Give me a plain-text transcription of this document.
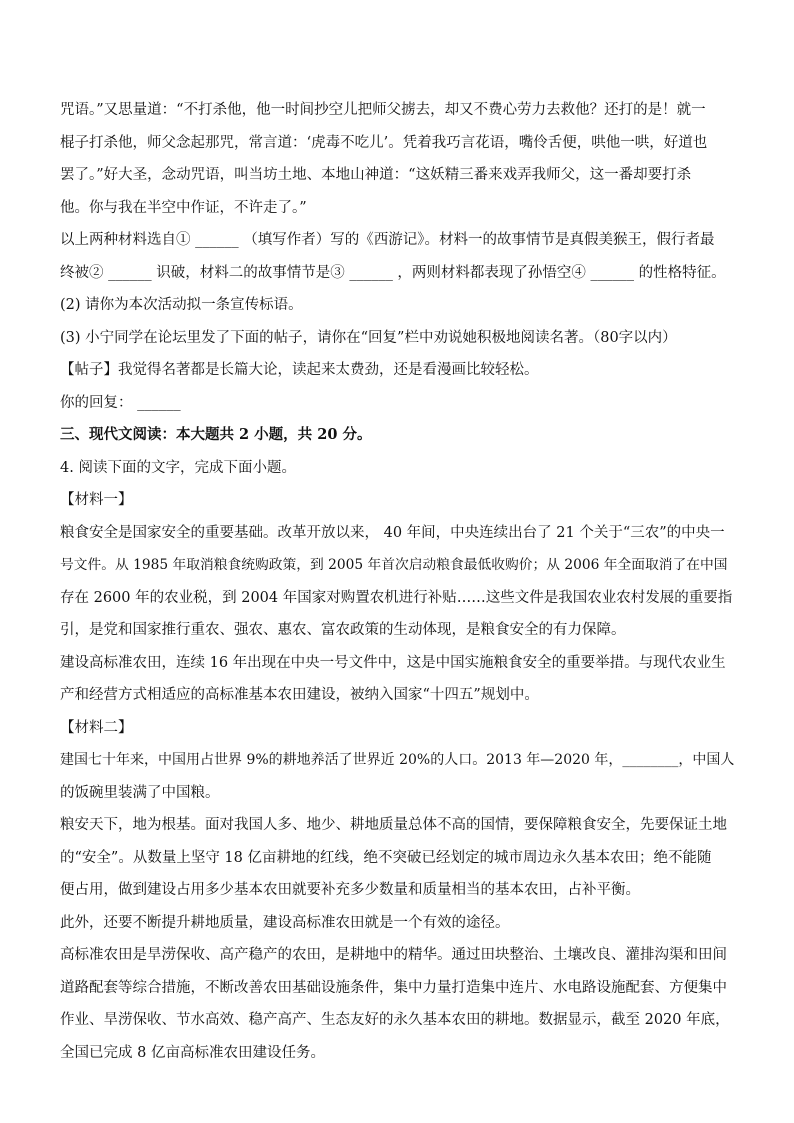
咒语。”又思量道：“不打杀他，他一时间抄空儿把师父掳去，却又不费心劳力去救他？还打的是！就一
棍子打杀他，师父念起那咒，常言道：‘虎毒不吃儿’。凭着我巧言花语，嘴伶舌便，哄他一哄，好道也
罢了。”好大圣，念动咒语，叫当坊土地、本地山神道：“这妖精三番来戏弄我师父，这一番却要打杀
他。你与我在半空中作证，不许走了。”
以上两种材料选自① ______ （填写作者）写的《西游记》。材料一的故事情节是真假美猴王，假行者最
终被② ______ 识破，材料二的故事情节是③ ______ ，两则材料都表现了孙悟空④ ______ 的性格特征。
(2) 请你为本次活动拟一条宣传标语。
(3) 小宁同学在论坛里发了下面的帖子，请你在“回复”栏中劝说她积极地阅读名著。（80字以内）
【帖子】我觉得名著都是长篇大论，读起来太费劲，还是看漫画比较轻松。
你的回复： ______
三、现代文阅读：本大题共 2 小题，共 20 分。
4. 阅读下面的文字，完成下面小题。
【材料一】
粮食安全是国家安全的重要基础。改革开放以来， 40 年间，中央连续出台了 21 个关于“三农”的中央一
号文件。从 1985 年取消粮食统购政策，到 2005 年首次启动粮食最低收购价；从 2006 年全面取消了在中国
存在 2600 年的农业税，到 2004 年国家对购置农机进行补贴……这些文件是我国农业农村发展的重要指
引，是党和国家推行重农、强农、惠农、富农政策的生动体现，是粮食安全的有力保障。
建设高标准农田，连续 16 年出现在中央一号文件中，这是中国实施粮食安全的重要举措。与现代农业生
产和经营方式相适应的高标准基本农田建设，被纳入国家“十四五”规划中。
【材料二】
建国七十年来，中国用占世界 9%的耕地养活了世界近 20%的人口。2013 年—2020 年，________，中国人
的饭碗里装满了中国粮。
粮安天下，地为根基。面对我国人多、地少、耕地质量总体不高的国情，要保障粮食安全，先要保证土地
的“安全”。从数量上坚守 18 亿亩耕地的红线，绝不突破已经划定的城市周边永久基本农田；绝不能随
便占用，做到建设占用多少基本农田就要补充多少数量和质量相当的基本农田，占补平衡。
此外，还要不断提升耕地质量，建设高标准农田就是一个有效的途径。
高标准农田是旱涝保收、高产稳产的农田，是耕地中的精华。通过田块整治、土壤改良、灌排沟渠和田间
道路配套等综合措施，不断改善农田基础设施条件，集中力量打造集中连片、水电路设施配套、方便集中
作业、旱涝保收、节水高效、稳产高产、生态友好的永久基本农田的耕地。数据显示，截至 2020 年底，
全国已完成 8 亿亩高标准农田建设任务。
